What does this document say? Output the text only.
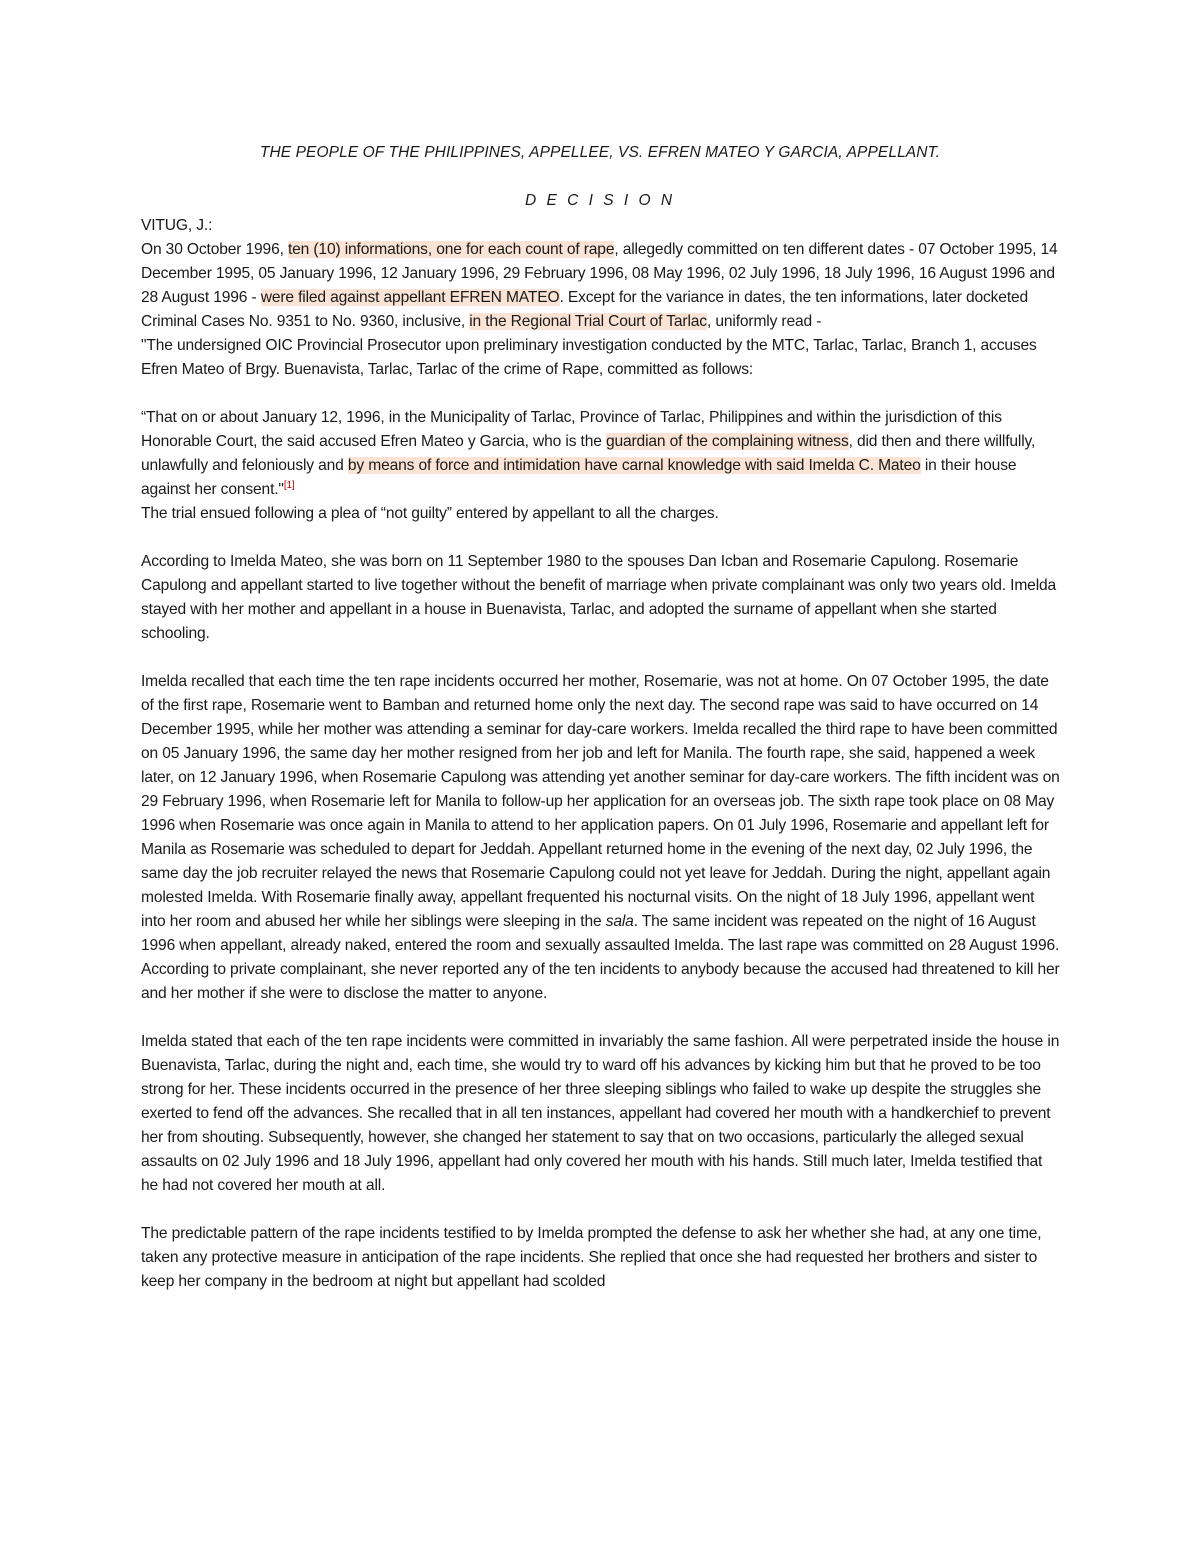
THE PEOPLE OF THE PHILIPPINES, APPELLEE, VS. EFREN MATEO Y GARCIA, APPELLANT.
D E C I S I O N

VITUG, J.:

On 30 October 1996, ten (10) informations, one for each count of rape, allegedly committed on ten different dates - 07 October 1995, 14 December 1995, 05 January 1996, 12 January 1996, 29 February 1996, 08 May 1996, 02 July 1996, 18 July 1996, 16 August 1996 and 28 August 1996 - were filed against appellant EFREN MATEO. Except for the variance in dates, the ten informations, later docketed Criminal Cases No. 9351 to No. 9360, inclusive, in the Regional Trial Court of Tarlac, uniformly read -

"The undersigned OIC Provincial Prosecutor upon preliminary investigation conducted by the MTC, Tarlac, Tarlac, Branch 1, accuses Efren Mateo of Brgy. Buenavista, Tarlac, Tarlac of the crime of Rape, committed as follows:

“That on or about January 12, 1996, in the Municipality of Tarlac, Province of Tarlac, Philippines and within the jurisdiction of this Honorable Court, the said accused Efren Mateo y Garcia, who is the guardian of the complaining witness, did then and there willfully, unlawfully and feloniously and by means of force and intimidation have carnal knowledge with said Imelda C. Mateo in their house against her consent."[1]

The trial ensued following a plea of “not guilty” entered by appellant to all the charges.

According to Imelda Mateo, she was born on 11 September 1980 to the spouses Dan Icban and Rosemarie Capulong. Rosemarie Capulong and appellant started to live together without the benefit of marriage when private complainant was only two years old. Imelda stayed with her mother and appellant in a house in Buenavista, Tarlac, and adopted the surname of appellant when she started schooling.

Imelda recalled that each time the ten rape incidents occurred her mother, Rosemarie, was not at home. On 07 October 1995, the date of the first rape, Rosemarie went to Bamban and returned home only the next day. The second rape was said to have occurred on 14 December 1995, while her mother was attending a seminar for day-care workers. Imelda recalled the third rape to have been committed on 05 January 1996, the same day her mother resigned from her job and left for Manila. The fourth rape, she said, happened a week later, on 12 January 1996, when Rosemarie Capulong was attending yet another seminar for day-care workers. The fifth incident was on 29 February 1996, when Rosemarie left for Manila to follow-up her application for an overseas job. The sixth rape took place on 08 May 1996 when Rosemarie was once again in Manila to attend to her application papers. On 01 July 1996, Rosemarie and appellant left for Manila as Rosemarie was scheduled to depart for Jeddah. Appellant returned home in the evening of the next day, 02 July 1996, the same day the job recruiter relayed the news that Rosemarie Capulong could not yet leave for Jeddah. During the night, appellant again molested Imelda. With Rosemarie finally away, appellant frequented his nocturnal visits. On the night of 18 July 1996, appellant went into her room and abused her while her siblings were sleeping in the sala. The same incident was repeated on the night of 16 August 1996 when appellant, already naked, entered the room and sexually assaulted Imelda. The last rape was committed on 28 August 1996. According to private complainant, she never reported any of the ten incidents to anybody because the accused had threatened to kill her and her mother if she were to disclose the matter to anyone.

Imelda stated that each of the ten rape incidents were committed in invariably the same fashion. All were perpetrated inside the house in Buenavista, Tarlac, during the night and, each time, she would try to ward off his advances by kicking him but that he proved to be too strong for her. These incidents occurred in the presence of her three sleeping siblings who failed to wake up despite the struggles she exerted to fend off the advances. She recalled that in all ten instances, appellant had covered her mouth with a handkerchief to prevent her from shouting. Subsequently, however, she changed her statement to say that on two occasions, particularly the alleged sexual assaults on 02 July 1996 and 18 July 1996, appellant had only covered her mouth with his hands. Still much later, Imelda testified that he had not covered her mouth at all.

The predictable pattern of the rape incidents testified to by Imelda prompted the defense to ask her whether she had, at any one time, taken any protective measure in anticipation of the rape incidents. She replied that once she had requested her brothers and sister to keep her company in the bedroom at night but appellant had scolded
